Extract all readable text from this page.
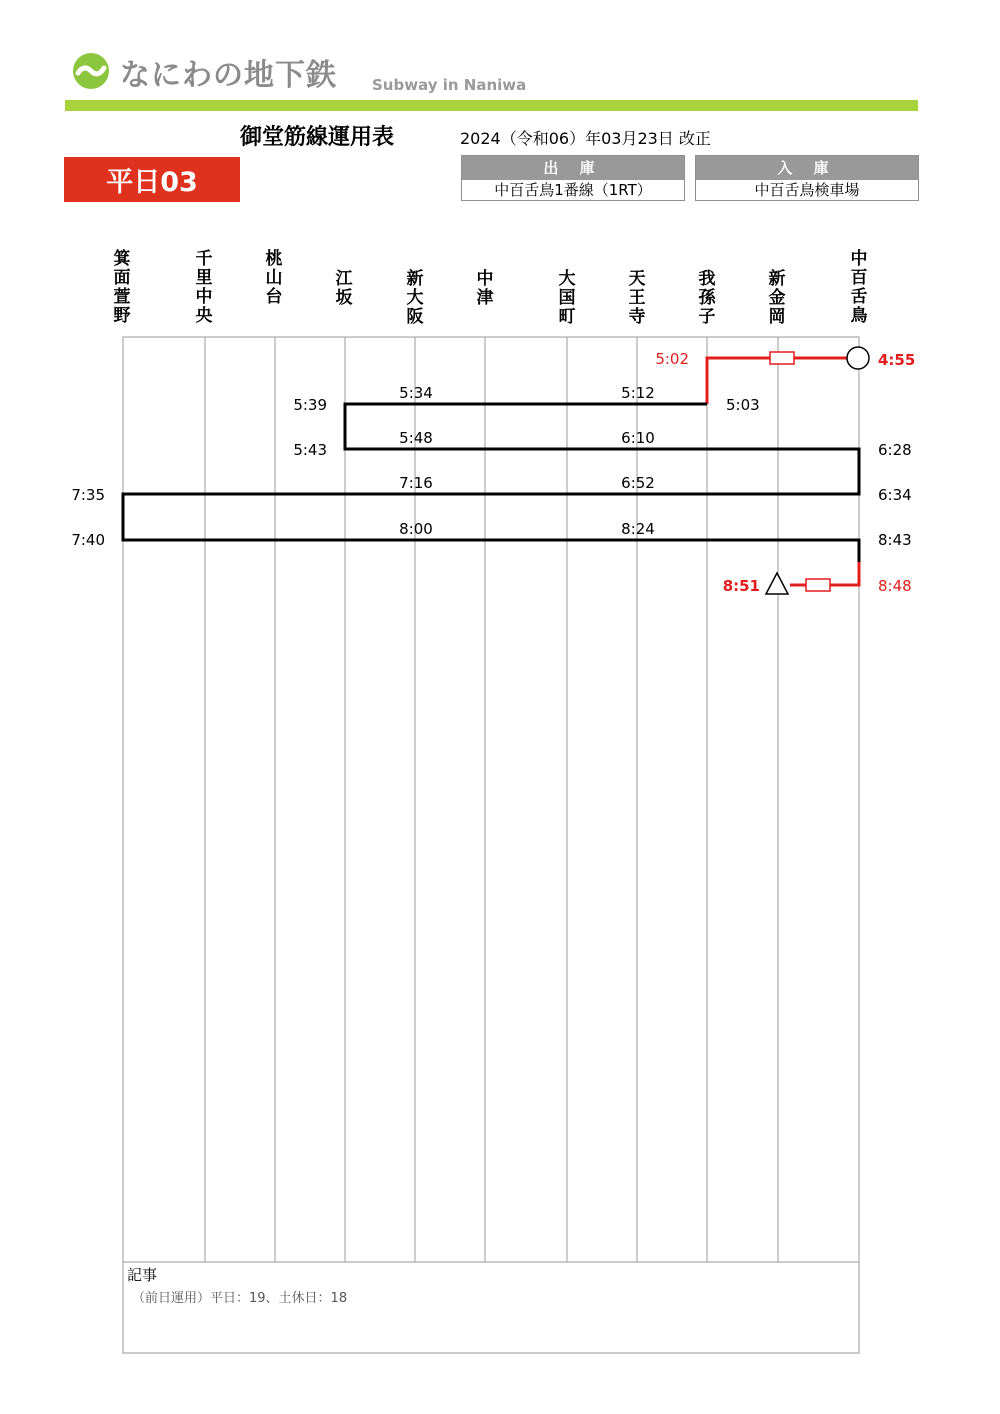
なにわの地下鉄 Subway in Naniwa
御堂筋線運用表	2024（令和06）年03月23日 改正
平日03	出 庫
中百舌鳥1番線（1RT）
入 庫
中百舌鳥検車場
箕面萱野
千里中央
桃山台
江 坂
新大阪
中 津
大国町
天王寺
我孫子
新金岡
中百舌鳥
5:02	4:55
5:34	5:12
5:39	5:03
5:48	6:10
5:43	6:28
7:16	6:52
7:35	6:34
8:00	8:24
7:40	8:43
8:51	8:48
記事
（前日運用）平日：19、土休日：18
